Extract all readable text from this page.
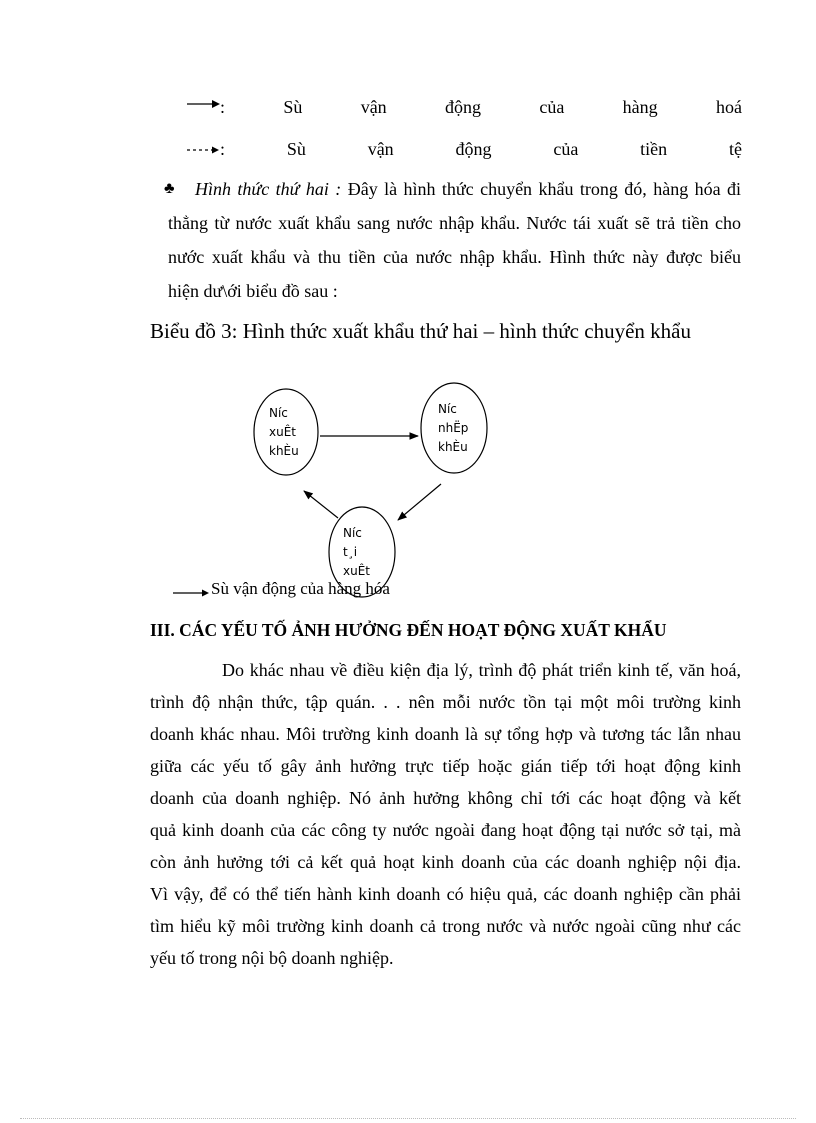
:	Sù	vận	động	của	hàng	hoá
:	Sù	vận	động	của	tiền	tệ
♣ Hình thức thứ hai : Đây là hình thức chuyển khẩu trong đó, hàng hóa đi

thẳng từ nước xuất khẩu sang nước nhập khẩu. Nước tái xuất sẽ trả tiền cho

nước xuất khẩu và thu tiền của nước nhập khẩu. Hình thức này được biểu

hiện dư\ới biểu đồ sau :

Biểu đồ 3: Hình thức xuất khẩu thứ hai – hình thức chuyển khẩu

Níc
xuÊt
khÈu
Níc
nhËp
khÈu
Níc
t¸i
xuÊt

Sù vận động của hàng hóa

III. CÁC YẾU TỐ ẢNH HƯỞNG ĐẾN HOẠT ĐỘNG XUẤT KHẨU

Do khác nhau về điều kiện địa lý, trình độ phát triển kinh tế, văn hoá,

trình độ nhận thức, tập quán. . . nên mỗi nước tồn tại một môi trường kinh

doanh khác nhau. Môi trường kinh doanh là sự tổng hợp và tương tác lẫn nhau

giữa các yếu tố gây ảnh hưởng trực tiếp hoặc gián tiếp tới hoạt động kinh

doanh của doanh nghiệp. Nó ảnh hưởng không chỉ tới các hoạt động và kết

quả kinh doanh của các công ty nước ngoài đang hoạt động tại nước sở tại, mà

còn ảnh hưởng tới cả kết quả hoạt kinh doanh của các doanh nghiệp nội địa.

Vì vậy, để có thể tiến hành kinh doanh có hiệu quả, các doanh nghiệp cần phải

tìm hiểu kỹ môi trường kinh doanh cả trong nước và nước ngoài cũng như các

yếu tố trong nội bộ doanh nghiệp.
